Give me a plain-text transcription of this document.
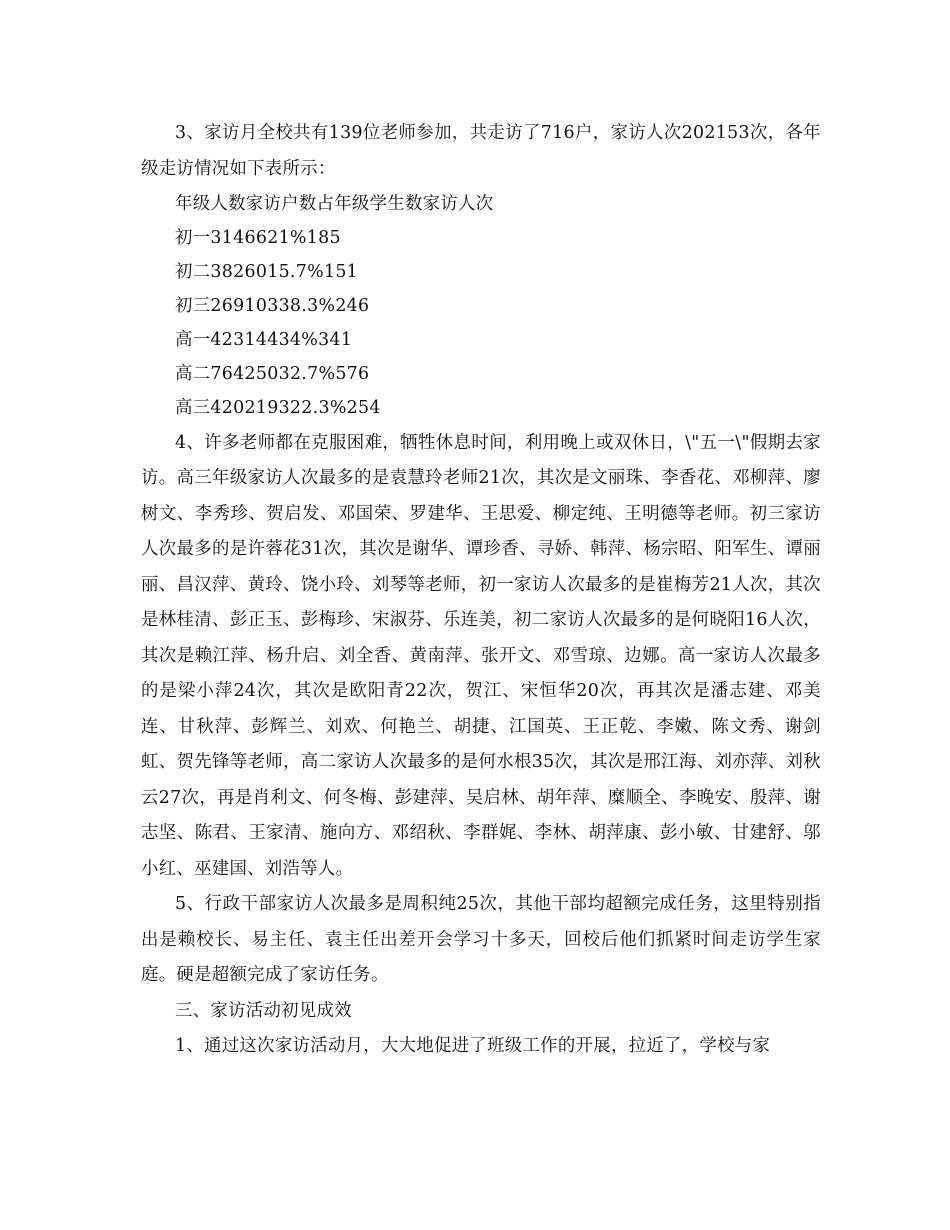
3、家访月全校共有139位老师参加，共走访了716户，家访人次202153次，各年级走访情况如下表所示：

年级人数家访户数占年级学生数家访人次

初一3146621%185

初二3826015.7%151

初三26910338.3%246

高一42314434%341

高二76425032.7%576

高三420219322.3%254

4、许多老师都在克服困难，牺牲休息时间，利用晚上或双休日，\"五一\"假期去家访。高三年级家访人次最多的是袁慧玲老师21次，其次是文丽珠、李香花、邓柳萍、廖树文、李秀珍、贺启发、邓国荣、罗建华、王思爱、柳定纯、王明德等老师。初三家访人次最多的是许蓉花31次，其次是谢华、谭珍香、寻娇、韩萍、杨宗昭、阳军生、谭丽丽、昌汉萍、黄玲、饶小玲、刘琴等老师，初一家访人次最多的是崔梅芳21人次，其次是林桂清、彭正玉、彭梅珍、宋淑芬、乐连美，初二家访人次最多的是何晓阳16人次，其次是赖江萍、杨升启、刘全香、黄南萍、张开文、邓雪琼、边娜。高一家访人次最多的是梁小萍24次，其次是欧阳青22次，贺江、宋恒华20次，再其次是潘志建、邓美连、甘秋萍、彭辉兰、刘欢、何艳兰、胡捷、江国英、王正乾、李嫩、陈文秀、谢剑虹、贺先锋等老师，高二家访人次最多的是何水根35次，其次是邢江海、刘亦萍、刘秋云27次，再是肖利文、何冬梅、彭建萍、吴启林、胡年萍、糜顺全、李晚安、殷萍、谢志坚、陈君、王家清、施向方、邓绍秋、李群娓、李林、胡萍康、彭小敏、甘建舒、邬小红、巫建国、刘浩等人。

5、行政干部家访人次最多是周积纯25次，其他干部均超额完成任务，这里特别指出是赖校长、易主任、袁主任出差开会学习十多天，回校后他们抓紧时间走访学生家庭。硬是超额完成了家访任务。

三、家访活动初见成效

1、通过这次家访活动月，大大地促进了班级工作的开展，拉近了，学校与家
